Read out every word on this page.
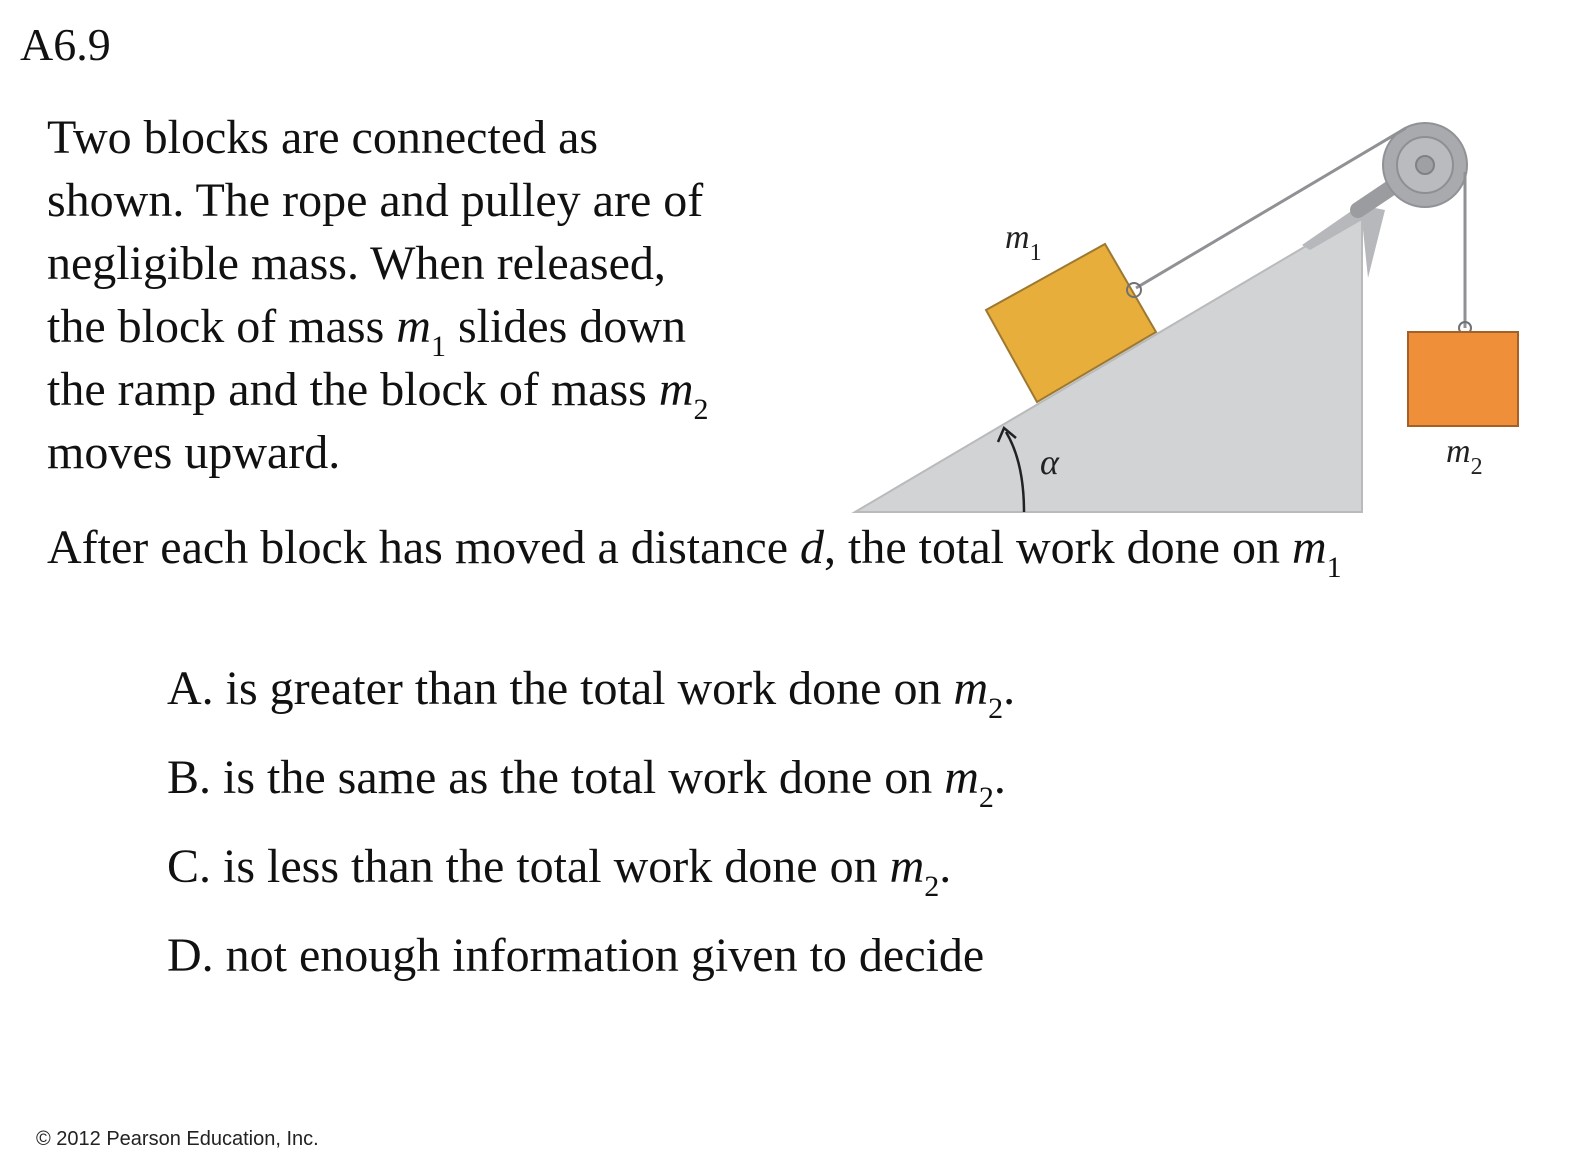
A6.9
Two blocks are connected as
shown. The rope and pulley are of
negligible mass. When released,
the block of mass $m_1$ slides down
the ramp and the block of mass $m_2$
moves upward.
After each block has moved a distance d, the total work done on $m_1$
A. is greater than the total work done on $m_2$.
B. is the same as the total work done on $m_2$.
C. is less than the total work done on $m_2$.
D. not enough information given to decide
$m_1$
$m_2$
α
© 2012 Pearson Education, Inc.
